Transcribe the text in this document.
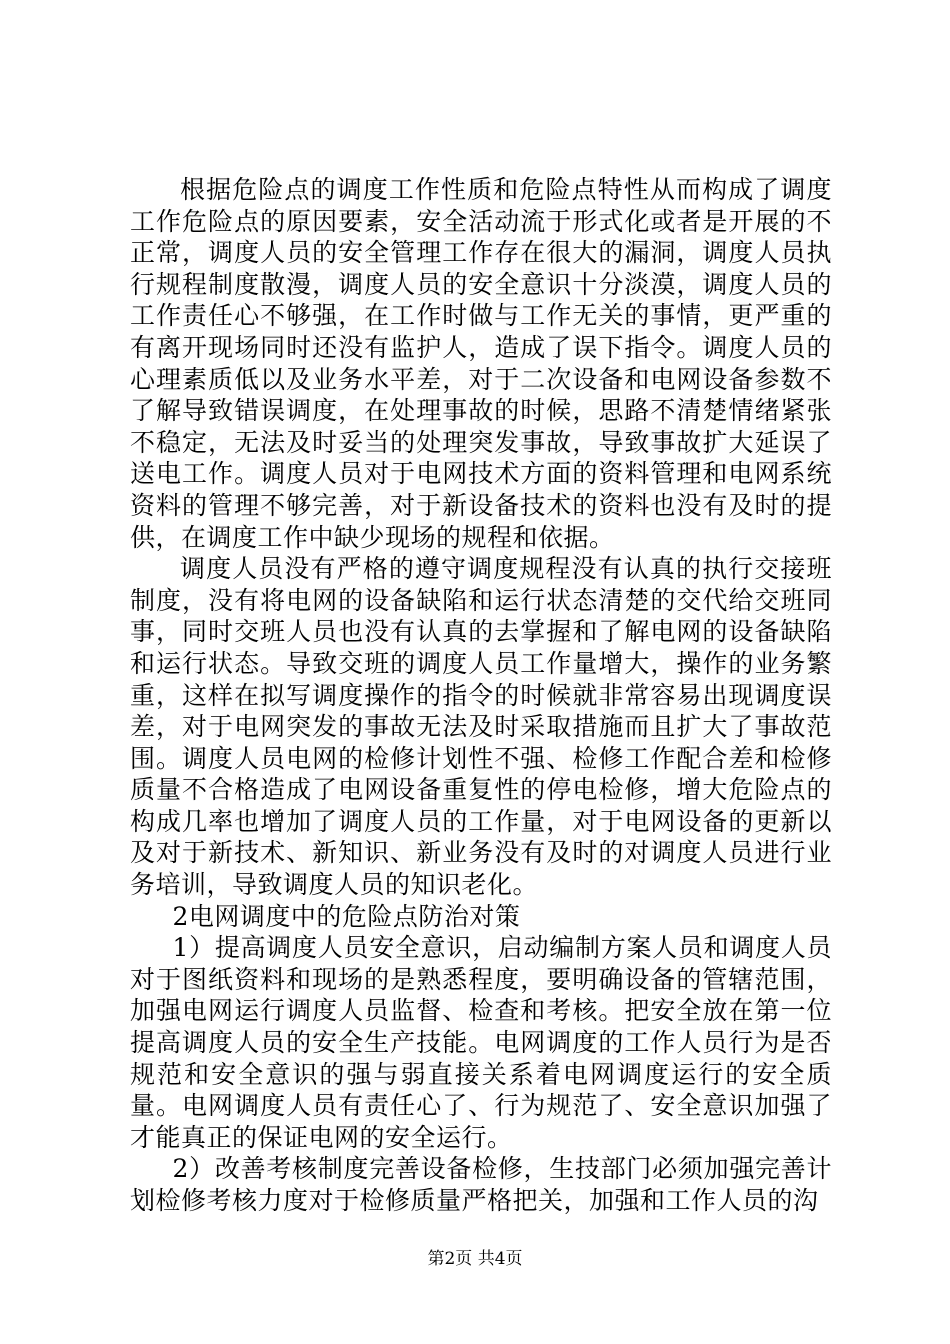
根据危险点的调度工作性质和危险点特性从而构成了调度工作危险点的原因要素，安全活动流于形式化或者是开展的不正常，调度人员的安全管理工作存在很大的漏洞，调度人员执行规程制度散漫，调度人员的安全意识十分淡漠，调度人员的工作责任心不够强，在工作时做与工作无关的事情，更严重的有离开现场同时还没有监护人，造成了误下指令。调度人员的心理素质低以及业务水平差，对于二次设备和电网设备参数不了解导致错误调度，在处理事故的时候，思路不清楚情绪紧张不稳定，无法及时妥当的处理突发事故，导致事故扩大延误了送电工作。调度人员对于电网技术方面的资料管理和电网系统资料的管理不够完善，对于新设备技术的资料也没有及时的提供，在调度工作中缺少现场的规程和依据。

调度人员没有严格的遵守调度规程没有认真的执行交接班制度，没有将电网的设备缺陷和运行状态清楚的交代给交班同事，同时交班人员也没有认真的去掌握和了解电网的设备缺陷和运行状态。导致交班的调度人员工作量增大，操作的业务繁重，这样在拟写调度操作的指令的时候就非常容易出现调度误差，对于电网突发的事故无法及时采取措施而且扩大了事故范围。调度人员电网的检修计划性不强、检修工作配合差和检修质量不合格造成了电网设备重复性的停电检修，增大危险点的构成几率也增加了调度人员的工作量，对于电网设备的更新以及对于新技术、新知识、新业务没有及时的对调度人员进行业务培训，导致调度人员的知识老化。

2电网调度中的危险点防治对策

1）提高调度人员安全意识，启动编制方案人员和调度人员对于图纸资料和现场的是熟悉程度，要明确设备的管辖范围，加强电网运行调度人员监督、检查和考核。把安全放在第一位提高调度人员的安全生产技能。电网调度的工作人员行为是否规范和安全意识的强与弱直接关系着电网调度运行的安全质量。电网调度人员有责任心了、行为规范了、安全意识加强了才能真正的保证电网的安全运行。

2）改善考核制度完善设备检修，生技部门必须加强完善计划检修考核力度对于检修质量严格把关，加强和工作人员的沟

第2页 共4页
